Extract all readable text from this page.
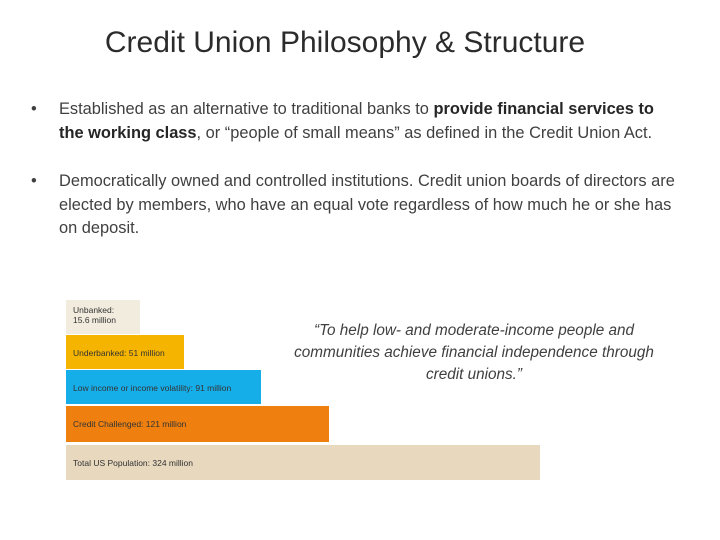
Credit Union Philosophy & Structure
• Established as an alternative to traditional banks to provide financial services to the working class, or “people of small means” as defined in the Credit Union Act.
• Democratically owned and controlled institutions. Credit union boards of directors are elected by members, who have an equal vote regardless of how much he or she has on deposit.
Unbanked:
15.6 million
Underbanked: 51 million
Low income or income volatility: 91 million
Credit Challenged: 121 million
Total US Population: 324 million
“To help low- and moderate-income people and communities achieve financial independence through credit unions.”
